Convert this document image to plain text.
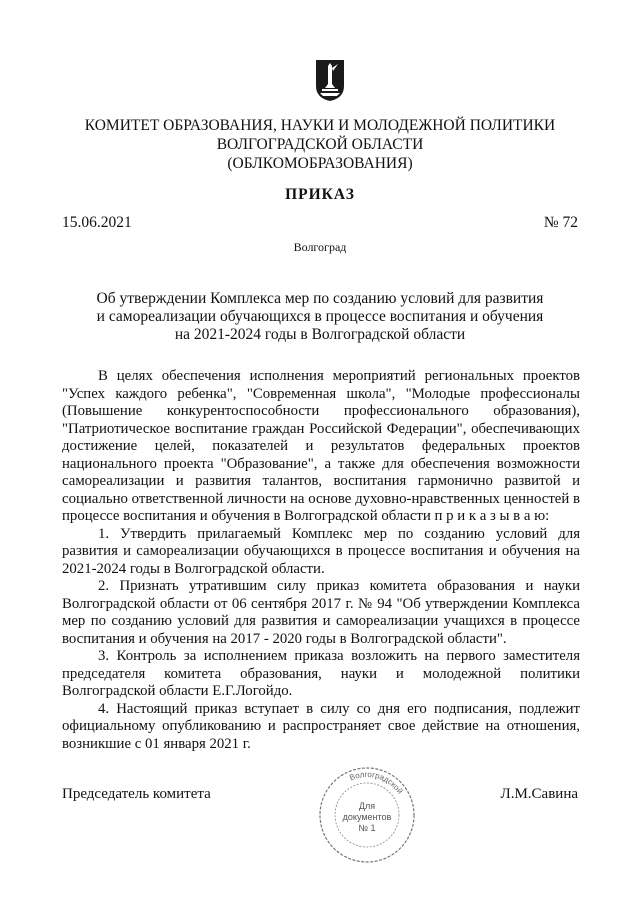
КОМИТЕТ ОБРАЗОВАНИЯ, НАУКИ И МОЛОДЕЖНОЙ ПОЛИТИКИ
ВОЛГОГРАДСКОЙ ОБЛАСТИ
(ОБЛКОМОБРАЗОВАНИЯ)
ПРИКАЗ
15.06.2021	№ 72
Волгоград
Об утверждении Комплекса мер по созданию условий для развития
и самореализации обучающихся в процессе воспитания и обучения
на 2021-2024 годы в Волгоградской области

В целях обеспечения исполнения мероприятий региональных проектов "Успех каждого ребенка", "Современная школа", "Молодые профессионалы (Повышение конкурентоспособности профессионального образования), "Патриотическое воспитание граждан Российской Федерации", обеспечивающих достижение целей, показателей и результатов федеральных проектов национального проекта "Образование", а также для обеспечения возможности самореализации и развития талантов, воспитания гармонично развитой и социально ответственной личности на основе духовно-нравственных ценностей в процессе воспитания и обучения в Волгоградской области п р и к а з ы в а ю:

1. Утвердить прилагаемый Комплекс мер по созданию условий для развития и самореализации обучающихся в процессе воспитания и обучения на 2021-2024 годы в Волгоградской области.

2. Признать утратившим силу приказ комитета образования и науки Волгоградской области от 06 сентября 2017 г. № 94 "Об утверждении Комплекса мер по созданию условий для развития и самореализации учащихся в процессе воспитания и обучения на 2017 - 2020 годы в Волгоградской области".

3. Контроль за исполнением приказа возложить на первого заместителя председателя комитета образования, науки и молодежной политики Волгоградской области Е.Г.Логойдо.

4. Настоящий приказ вступает в силу со дня его подписания, подлежит официальному опубликованию и распространяет свое действие на отношения, возникшие с 01 января 2021 г.

Председатель комитета	Л.М.Савина
Волгоградской
Для
документов
№ 1
